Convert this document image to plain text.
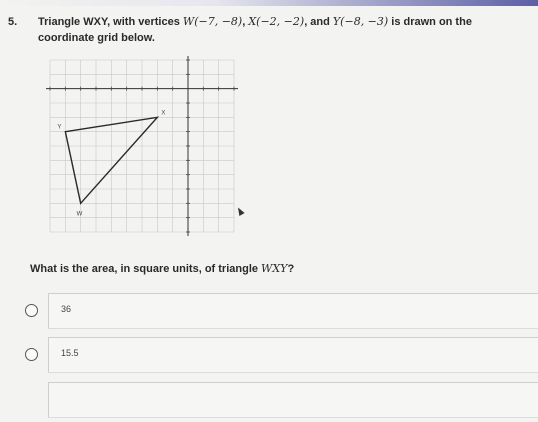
5. Triangle WXY, with vertices W(−7, −8), X(−2, −2), and Y(−8, −3) is drawn on the coordinate grid below.
W
X
Y
What is the area, in square units, of triangle WXY?
36
15.5
